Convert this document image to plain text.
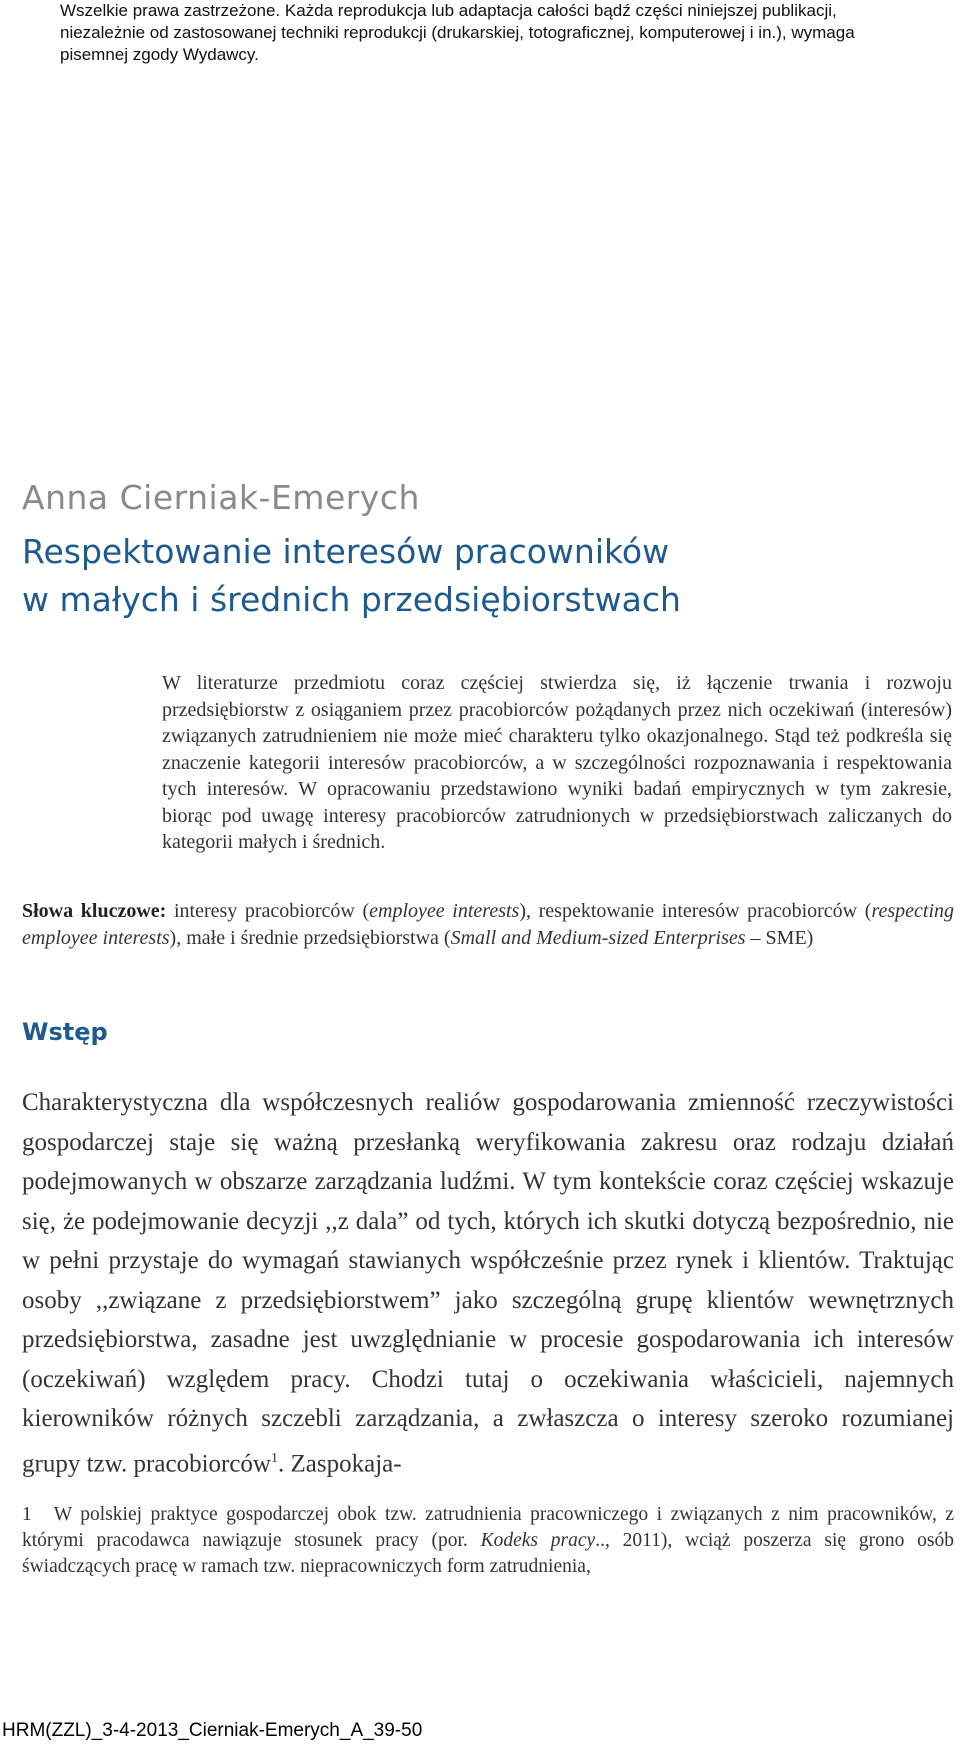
Wszelkie prawa zastrzeżone. Każda reprodukcja lub adaptacja całości bądź części niniejszej publikacji, niezależnie od zastosowanej techniki reprodukcji (drukarskiej, totograficznej, komputerowej i in.), wymaga pisemnej zgody Wydawcy.
Anna Cierniak-Emerych
Respektowanie interesów pracowników
w małych i średnich przedsiębiorstwach
W literaturze przedmiotu coraz częściej stwierdza się, iż łączenie trwania i rozwoju przedsiębiorstw z osiąganiem przez pracobiorców pożądanych przez nich oczekiwań (interesów) związanych zatrudnieniem nie może mieć charakteru tylko okazjonalnego. Stąd też podkreśla się znaczenie kategorii interesów pracobiorców, a w szczególności rozpoznawania i respektowania tych interesów. W opracowaniu przedstawiono wyniki badań empirycznych w tym zakresie, biorąc pod uwagę interesy pracobiorców zatrudnionych w przedsiębiorstwach zaliczanych do kategorii małych i średnich.
Słowa kluczowe: interesy pracobiorców (employee interests), respektowanie interesów pracobiorców (respecting employee interests), małe i średnie przedsiębiorstwa (Small and Medium-sized Enterprises – SME)
Wstęp
Charakterystyczna dla współczesnych realiów gospodarowania zmienność rzeczywistości gospodarczej staje się ważną przesłanką weryfikowania zakresu oraz rodzaju działań podejmowanych w obszarze zarządzania ludźmi. W tym kontekście coraz częściej wskazuje się, że podejmowanie decyzji ,,z dala” od tych, których ich skutki dotyczą bezpośrednio, nie w pełni przystaje do wymagań stawianych współcześnie przez rynek i klientów. Traktując osoby ,,związane z przedsiębiorstwem” jako szczególną grupę klientów wewnętrznych przedsiębiorstwa, zasadne jest uwzględnianie w procesie gospodarowania ich interesów (oczekiwań) względem pracy. Chodzi tutaj o oczekiwania właścicieli, najemnych kierowników różnych szczebli zarządzania, a zwłaszcza o interesy szeroko rozumianej grupy tzw. pracobiorców$^1$. Zaspokaja-
1 W polskiej praktyce gospodarczej obok tzw. zatrudnienia pracowniczego i związanych z nim pracowników, z którymi pracodawca nawiązuje stosunek pracy (por. Kodeks pracy.., 2011), wciąż poszerza się grono osób świadczących pracę w ramach tzw. niepracowniczych form zatrudnienia,
HRM(ZZL)_3-4-2013_Cierniak-Emerych_A_39-50
